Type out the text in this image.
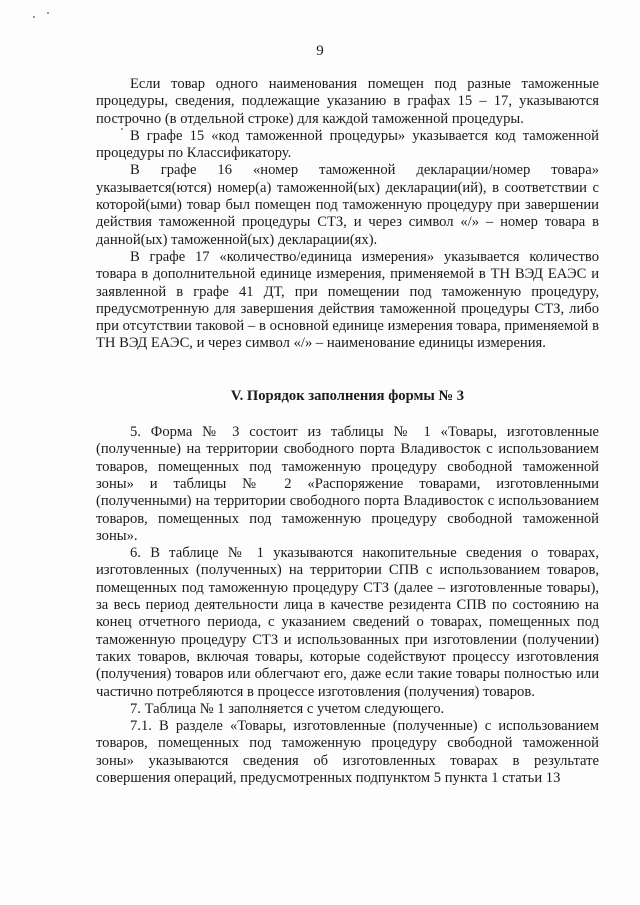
9

Если товар одного наименования помещен под разные таможенные процедуры, сведения, подлежащие указанию в графах 15 – 17, указываются построчно (в отдельной строке) для каждой таможенной процедуры.

В графе 15 «код таможенной процедуры» указывается код таможенной процедуры по Классификатору.

В графе 16 «номер таможенной декларации/номер товара» указывается(ются) номер(а) таможенной(ых) декларации(ий), в соответствии с которой(ыми) товар был помещен под таможенную процедуру при завершении действия таможенной процедуры СТЗ, и через символ «/» – номер товара в данной(ых) таможенной(ых) декларации(ях).

В графе 17 «количество/единица измерения» указывается количество товара в дополнительной единице измерения, применяемой в ТН ВЭД ЕАЭС и заявленной в графе 41 ДТ, при помещении под таможенную процедуру, предусмотренную для завершения действия таможенной процедуры СТЗ, либо при отсутствии таковой – в основной единице измерения товара, применяемой в ТН ВЭД ЕАЭС, и через символ «/» – наименование единицы измерения.

V. Порядок заполнения формы № 3

5. Форма № 3 состоит из таблицы № 1 «Товары, изготовленные (полученные) на территории свободного порта Владивосток с использованием товаров, помещенных под таможенную процедуру свободной таможенной зоны» и таблицы № 2 «Распоряжение товарами, изготовленными (полученными) на территории свободного порта Владивосток с использованием товаров, помещенных под таможенную процедуру свободной таможенной зоны».

6. В таблице № 1 указываются накопительные сведения о товарах, изготовленных (полученных) на территории СПВ с использованием товаров, помещенных под таможенную процедуру СТЗ (далее – изготовленные товары), за весь период деятельности лица в качестве резидента СПВ по состоянию на конец отчетного периода, с указанием сведений о товарах, помещенных под таможенную процедуру СТЗ и использованных при изготовлении (получении) таких товаров, включая товары, которые содействуют процессу изготовления (получения) товаров или облегчают его, даже если такие товары полностью или частично потребляются в процессе изготовления (получения) товаров.

7. Таблица № 1 заполняется с учетом следующего.

7.1. В разделе «Товары, изготовленные (полученные) с использованием товаров, помещенных под таможенную процедуру свободной таможенной зоны» указываются сведения об изготовленных товарах в результате совершения операций, предусмотренных подпунктом 5 пункта 1 статьи 13
